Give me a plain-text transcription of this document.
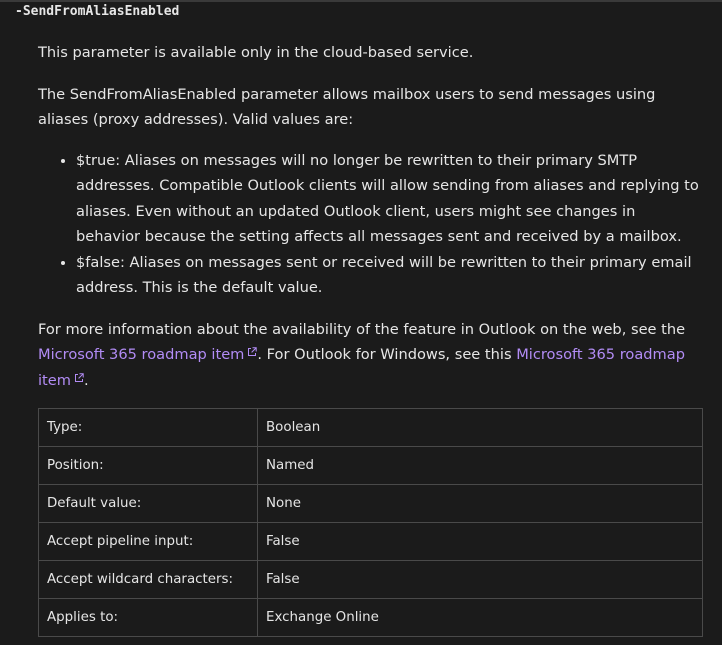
-SendFromAliasEnabled

This parameter is available only in the cloud-based service.

The SendFromAliasEnabled parameter allows mailbox users to send messages using aliases (proxy addresses). Valid values are:

• $true: Aliases on messages will no longer be rewritten to their primary SMTP addresses. Compatible Outlook clients will allow sending from aliases and replying to aliases. Even without an updated Outlook client, users might see changes in behavior because the setting affects all messages sent and received by a mailbox.
• $false: Aliases on messages sent or received will be rewritten to their primary email address. This is the default value.

For more information about the availability of the feature in Outlook on the web, see the Microsoft 365 roadmap item . For Outlook for Windows, see this Microsoft 365 roadmap item .

Type:	Boolean
Position:	Named
Default value:	None
Accept pipeline input:	False
Accept wildcard characters:	False
Applies to:	Exchange Online
